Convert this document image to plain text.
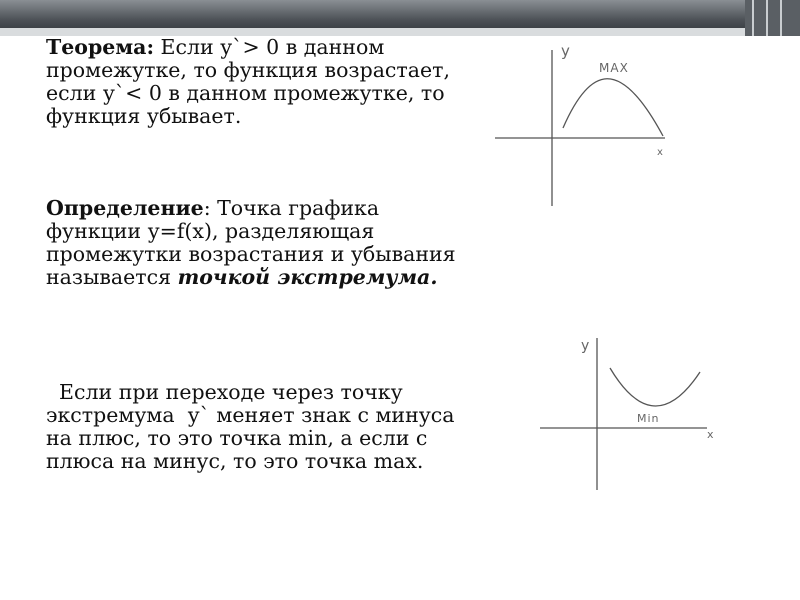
Теорема: Если у`> 0 в данном промежутке, то функция возрастает, если у`< 0 в данном промежутке, то функция убывает.

Определение: Точка графика функции у=f(x), разделяющая промежутки возрастания и убывания называется точкой экстремума.

Если при переходе через точку экстремума  у` меняет знак с минуса на плюс, то это точка min, а если с плюса на минус, то это точка max.

y
x
MAX
y
x
Min
